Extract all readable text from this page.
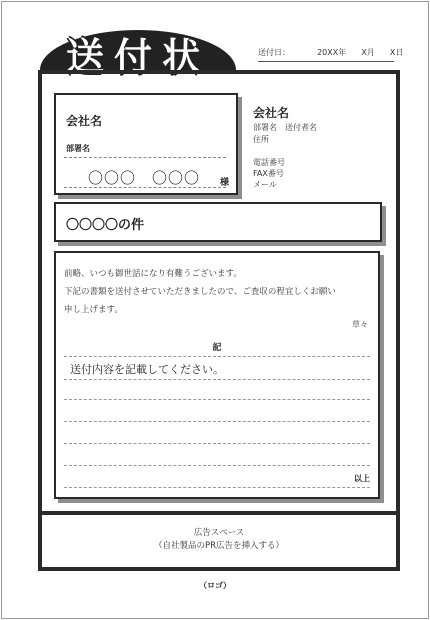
送付状	送付日：	20XX年 X月 X日
会社名
部署名
〇〇〇　〇〇〇 様
会社名
部署名　送付者名
住所
電話番号
FAX番号
メール
〇〇〇〇の件
前略、いつも御世話になり有難うございます。
下記の書類を送付させていただきましたので、ご査収の程宜しくお願い
申し上げます。
草々
記
送付内容を記載してください。
以上
広告スペース
（自社製品のPR広告を挿入する）
（ロゴ）
